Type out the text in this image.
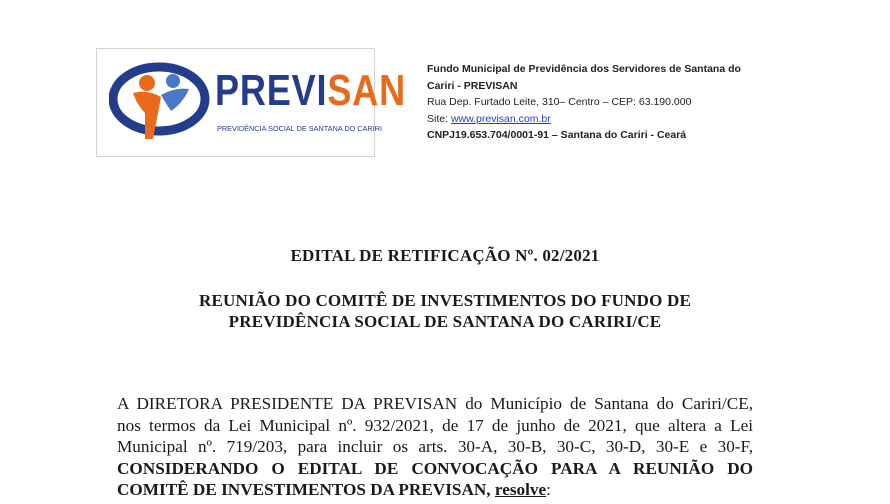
PREVISAN
PREVIDÊNCIA SOCIAL DE SANTANA DO CARIRI
Fundo Municipal de Previdência dos Servidores de Santana do
Cariri - PREVISAN
Rua Dep. Furtado Leite, 310– Centro – CEP: 63.190.000
Site: www.previsan.com.br
CNPJ19.653.704/0001-91 – Santana do Cariri - Ceará
EDITAL DE RETIFICAÇÃO Nº. 02/2021
REUNIÃO DO COMITÊ DE INVESTIMENTOS DO FUNDO DE
PREVIDÊNCIA SOCIAL DE SANTANA DO CARIRI/CE
A DIRETORA PRESIDENTE DA PREVISAN do Município de Santana do Cariri/CE,
nos termos da Lei Municipal nº. 932/2021, de 17 de junho de 2021, que altera a Lei
Municipal nº. 719/203, para incluir os arts. 30-A, 30-B, 30-C, 30-D, 30-E e 30-F,
CONSIDERANDO O EDITAL DE CONVOCAÇÃO PARA A REUNIÃO DO
COMITÊ DE INVESTIMENTOS DA PREVISAN, resolve:
